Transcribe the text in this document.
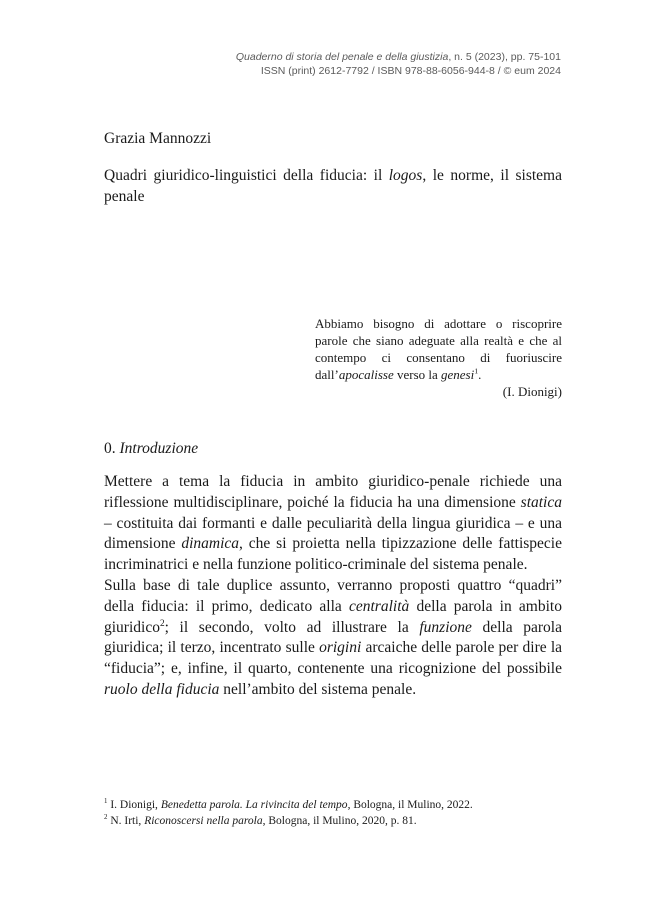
Quaderno di storia del penale e della giustizia, n. 5 (2023), pp. 75-101
ISSN (print) 2612-7792 / ISBN 978-88-6056-944-8 / © eum 2024
Grazia Mannozzi
Quadri giuridico-linguistici della fiducia: il logos, le norme, il sistema penale
Abbiamo bisogno di adottare o riscoprire parole che siano adeguate alla realtà e che al contempo ci consentano di fuoriuscire dall’apocalisse verso la genesi$^1$.
(I. Dionigi)
0. Introduzione

Mettere a tema la fiducia in ambito giuridico-penale richiede una riflessione multidisciplinare, poiché la fiducia ha una dimensione statica – costituita dai formanti e dalle peculiarità della lingua giuridica – e una dimensione dinamica, che si proietta nella tipizzazione delle fattispecie incriminatrici e nella funzione politico-criminale del sistema penale.

Sulla base di tale duplice assunto, verranno proposti quattro “quadri” della fiducia: il primo, dedicato alla centralità della parola in ambito giuridico$^2$; il secondo, volto ad illustrare la funzione della parola giuridica; il terzo, incentrato sulle origini arcaiche delle parole per dire la “fiducia”; e, infine, il quarto, contenente una ricognizione del possibile ruolo della fiducia nell’ambito del sistema penale.

$^1$ I. Dionigi, Benedetta parola. La rivincita del tempo, Bologna, il Mulino, 2022.
$^2$ N. Irti, Riconoscersi nella parola, Bologna, il Mulino, 2020, p. 81.
